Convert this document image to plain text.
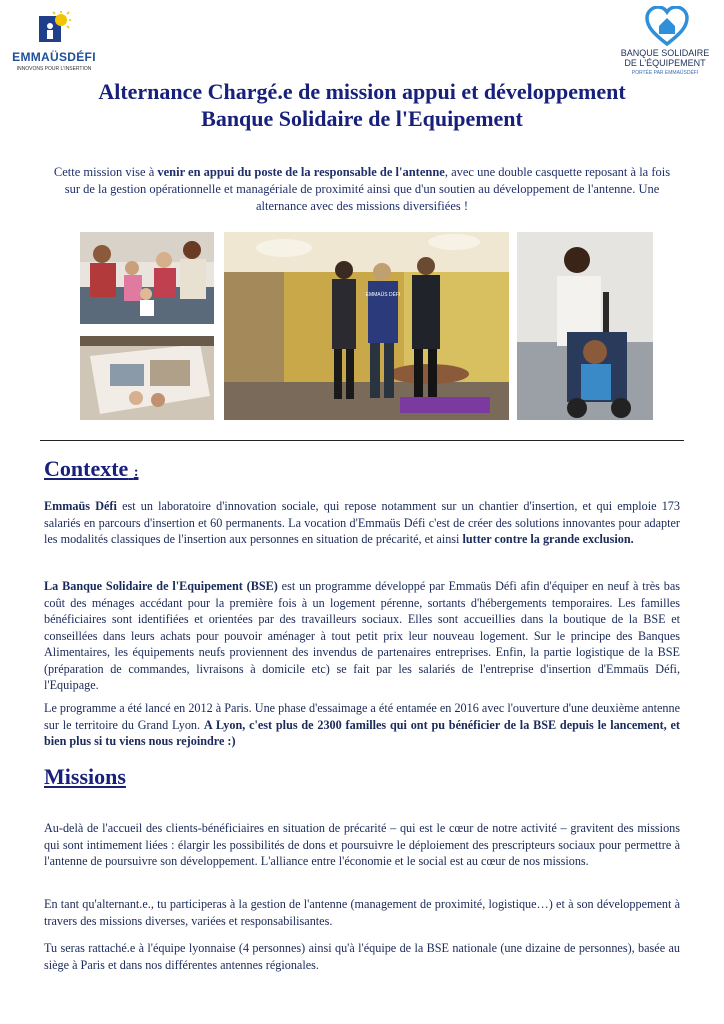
EMMAÜSDÉFI
INNOVONS POUR L'INSERTION
BANQUE SOLIDAIRE
DE L'ÉQUIPEMENT
PORTÉE PAR EMMAÜSDÉFI
Alternance Chargé.e de mission appui et développement
Banque Solidaire de l'Equipement
Cette mission vise à venir en appui du poste de la responsable de l'antenne, avec une double casquette reposant à la fois sur de la gestion opérationnelle et managériale de proximité ainsi que d'un soutien au développement de l'antenne. Une alternance avec des missions diversifiées !
EMMAÜS DÉFI
Contexte :
Emmaüs Défi est un laboratoire d'innovation sociale, qui repose notamment sur un chantier d'insertion, et qui emploie 173 salariés en parcours d'insertion et 60 permanents. La vocation d'Emmaüs Défi c'est de créer des solutions innovantes pour adapter les modalités classiques de l'insertion aux personnes en situation de précarité, et ainsi lutter contre la grande exclusion.
La Banque Solidaire de l'Equipement (BSE) est un programme développé par Emmaüs Défi afin d'équiper en neuf à très bas coût des ménages accédant pour la première fois à un logement pérenne, sortants d'hébergements temporaires. Les familles bénéficiaires sont identifiées et orientées par des travailleurs sociaux. Elles sont accueillies dans la boutique de la BSE et conseillées dans leurs achats pour pouvoir aménager à tout petit prix leur nouveau logement. Sur le principe des Banques Alimentaires, les équipements neufs proviennent des invendus de partenaires entreprises. Enfin, la partie logistique de la BSE (préparation de commandes, livraisons à domicile etc) se fait par les salariés de l'entreprise d'insertion d'Emmaüs Défi, l'Equipage.
Le programme a été lancé en 2012 à Paris. Une phase d'essaimage a été entamée en 2016 avec l'ouverture d'une deuxième antenne sur le territoire du Grand Lyon. A Lyon, c'est plus de 2300 familles qui ont pu bénéficier de la BSE depuis le lancement, et bien plus si tu viens nous rejoindre :)
Missions
Au-delà de l'accueil des clients-bénéficiaires en situation de précarité – qui est le cœur de notre activité – gravitent des missions qui sont intimement liées : élargir les possibilités de dons et poursuivre le déploiement des prescripteurs sociaux pour permettre à l'antenne de poursuivre son développement. L'alliance entre l'économie et le social est au cœur de nos missions.
En tant qu'alternant.e., tu participeras à la gestion de l'antenne (management de proximité, logistique…) et à son développement à travers des missions diverses, variées et responsabilisantes.
Tu seras rattaché.e à l'équipe lyonnaise (4 personnes) ainsi qu'à l'équipe de la BSE nationale (une dizaine de personnes), basée au siège à Paris et dans nos différentes antennes régionales.
